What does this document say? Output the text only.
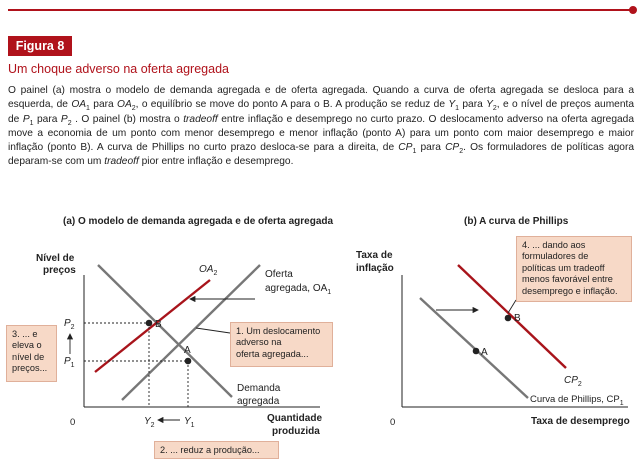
Figura 8
Um choque adverso na oferta agregada
O painel (a) mostra o modelo de demanda agregada e de oferta agregada. Quando a curva de oferta agregada se desloca para a esquerda, de $OA_1$ para $OA_2$, o equilíbrio se move do ponto A para o B. A produção se reduz de $Y_1$ para $Y_2$, e o nível de preços aumenta de $P_1$ para $P_2$ . O painel (b) mostra o tradeoff entre inflação e desemprego no curto prazo. O deslocamento adverso na oferta agregada move a economia de um ponto com menor desemprego e menor inflação (ponto A) para um ponto com maior desemprego e maior inflação (ponto B). A curva de Phillips no curto prazo desloca-se para a direita, de $CP_1$ para $CP_2$. Os formuladores de políticas agora deparam-se com um tradeoff pior entre inflação e desemprego.
(a) O modelo de demanda agregada e de oferta agregada
Nível de
preços
0	Quantidade
produzida
B
A
$P_2$
$P_1$
$Y_2$	$Y_1$
$OA_2$	Oferta
agregada, $OA_1$
Demanda
agregada
(b) A curva de Phillips
Taxa de
inflação
0	Taxa de desemprego
A
B
$CP_2$
Curva de Phillips, $CP_1$
1. Um deslocamento
adverso na
oferta agregada...
2. ... reduz a produção...
3. ... e
eleva o
nível de
preços...
4. ... dando aos
formuladores de
políticas um tradeoff
menos favorável entre
desemprego e inflação.
